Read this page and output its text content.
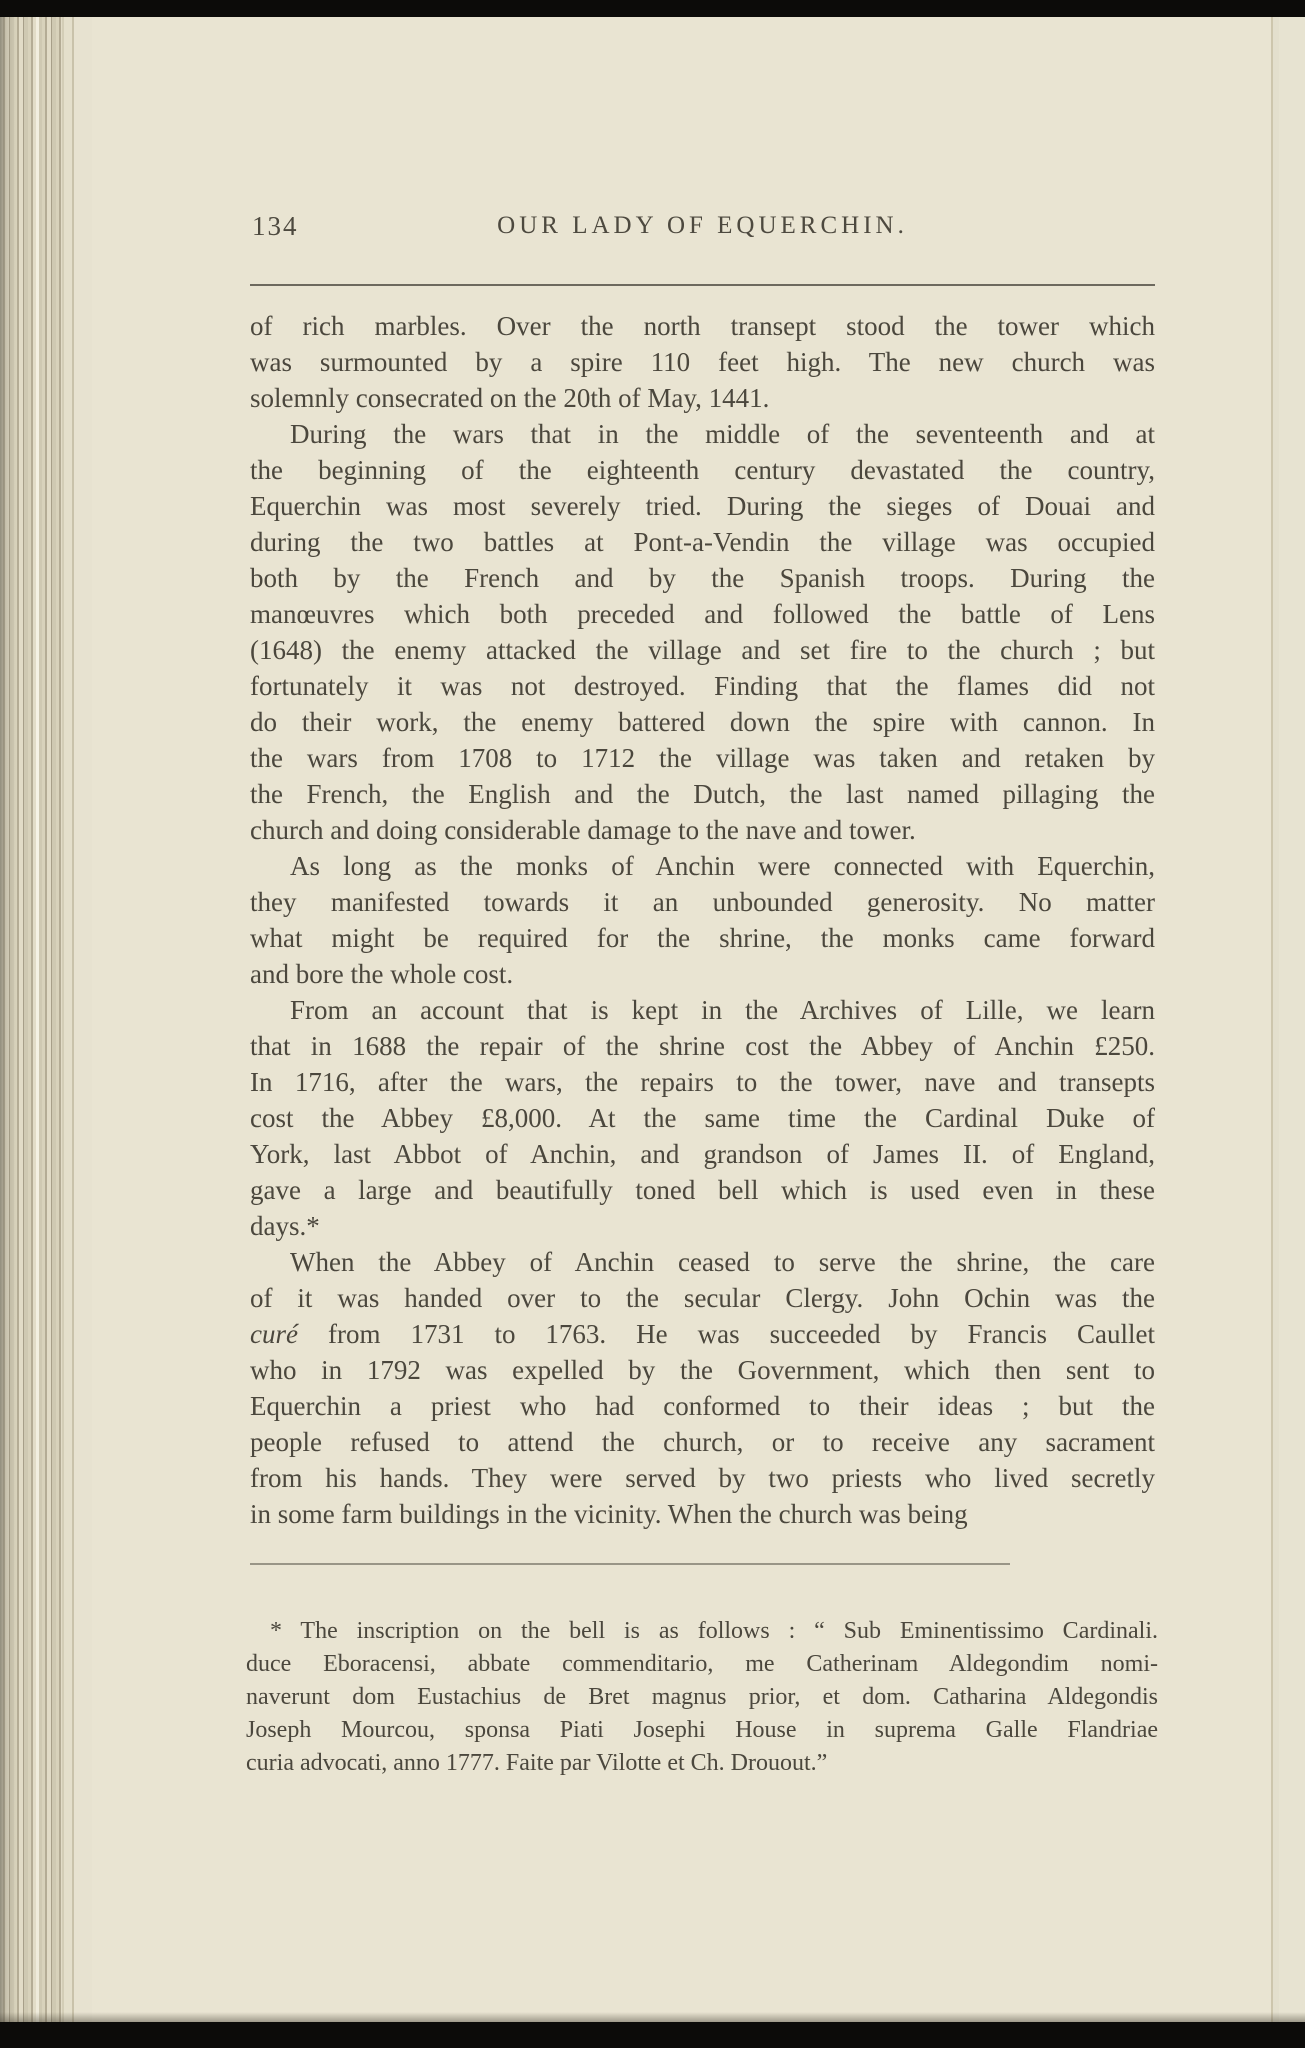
134	OUR LADY OF EQUERCHIN.
of rich marbles. Over the north transept stood the tower which
was surmounted by a spire 110 feet high. The new church was
solemnly consecrated on the 20th of May, 1441.
During the wars that in the middle of the seventeenth and at
the beginning of the eighteenth century devastated the country,
Equerchin was most severely tried. During the sieges of Douai and
during the two battles at Pont-a-Vendin the village was occupied
both by the French and by the Spanish troops. During the
manœuvres which both preceded and followed the battle of Lens
(1648) the enemy attacked the village and set fire to the church ; but
fortunately it was not destroyed. Finding that the flames did not
do their work, the enemy battered down the spire with cannon. In
the wars from 1708 to 1712 the village was taken and retaken by
the French, the English and the Dutch, the last named pillaging the
church and doing considerable damage to the nave and tower.
As long as the monks of Anchin were connected with Equerchin,
they manifested towards it an unbounded generosity. No matter
what might be required for the shrine, the monks came forward
and bore the whole cost.
From an account that is kept in the Archives of Lille, we learn
that in 1688 the repair of the shrine cost the Abbey of Anchin £250.
In 1716, after the wars, the repairs to the tower, nave and transepts
cost the Abbey £8,000. At the same time the Cardinal Duke of
York, last Abbot of Anchin, and grandson of James II. of England,
gave a large and beautifully toned bell which is used even in these
days.*
When the Abbey of Anchin ceased to serve the shrine, the care
of it was handed over to the secular Clergy. John Ochin was the
curé from 1731 to 1763. He was succeeded by Francis Caullet
who in 1792 was expelled by the Government, which then sent to
Equerchin a priest who had conformed to their ideas ; but the
people refused to attend the church, or to receive any sacrament
from his hands. They were served by two priests who lived secretly
in some farm buildings in the vicinity. When the church was being
* The inscription on the bell is as follows : “ Sub Eminentissimo Cardinali.
duce Eboracensi, abbate commenditario, me Catherinam Aldegondim nomi-
naverunt dom Eustachius de Bret magnus prior, et dom. Catharina Aldegondis
Joseph Mourcou, sponsa Piati Josephi House in suprema Galle Flandriae
curia advocati, anno 1777. Faite par Vilotte et Ch. Drouout.”
